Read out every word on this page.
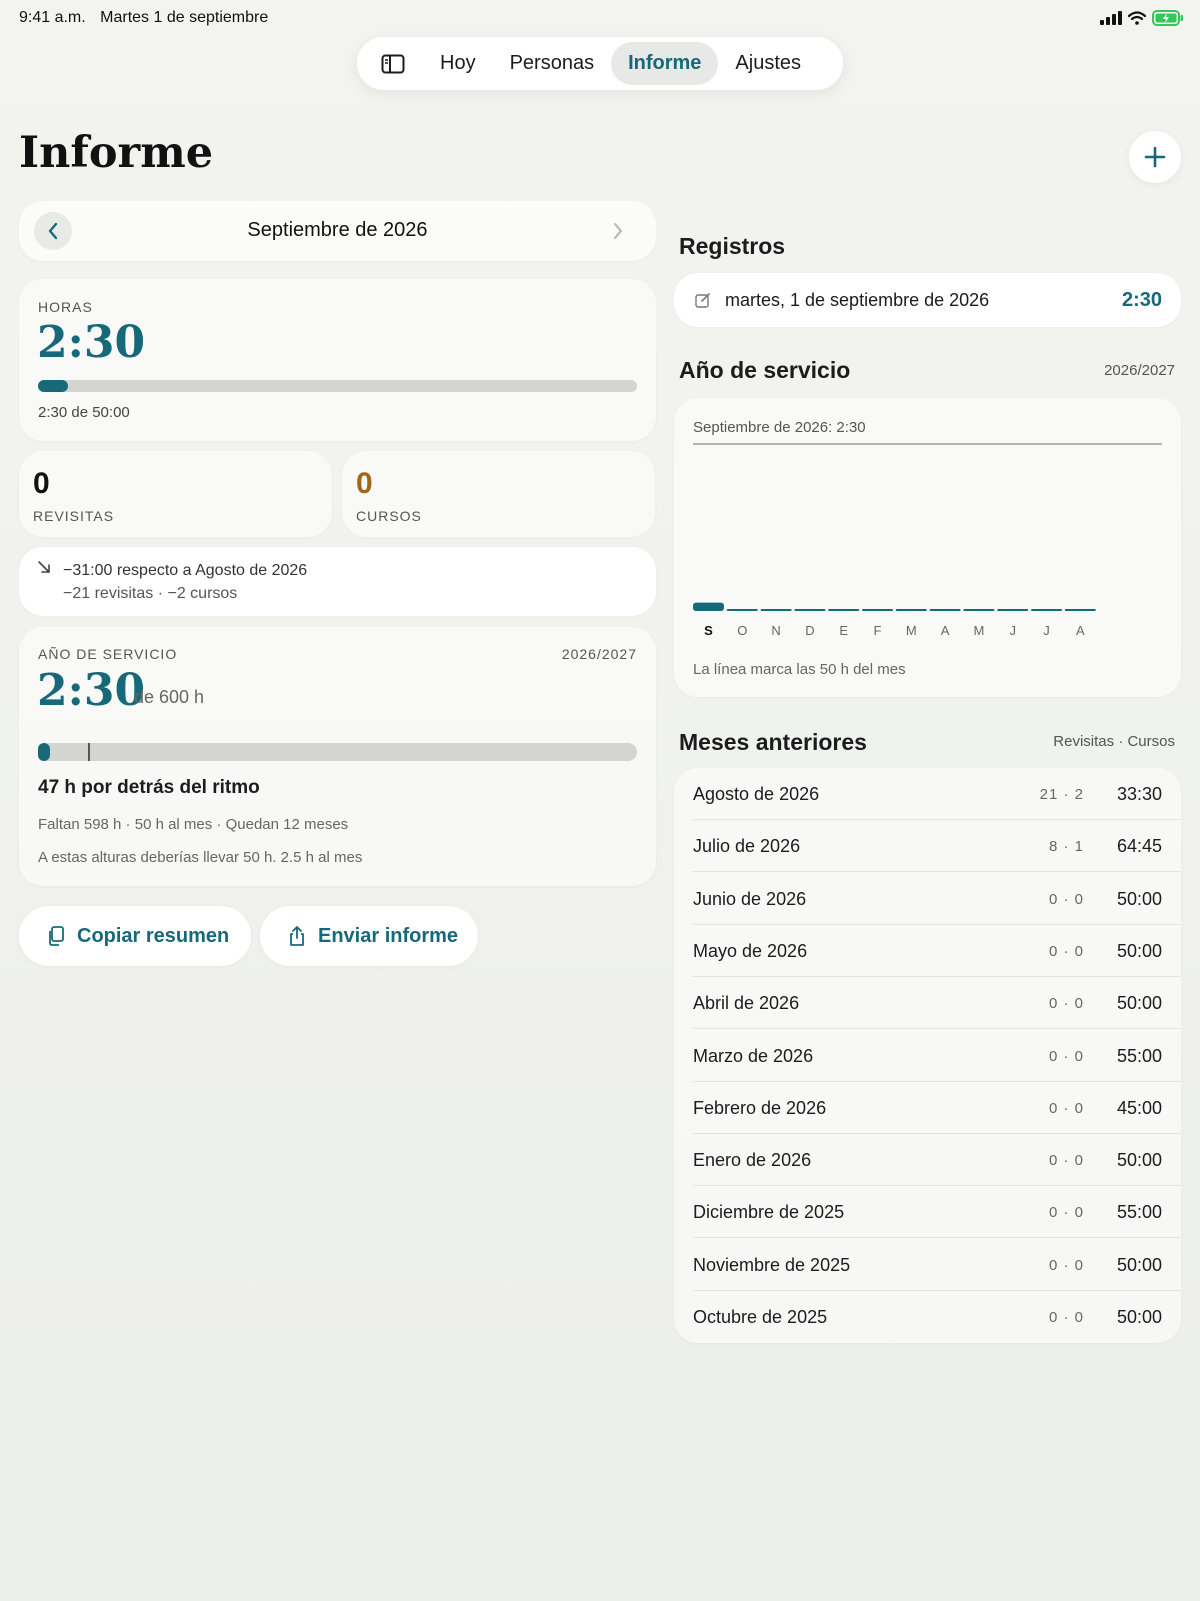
9:41 a.m. Martes 1 de septiembre
Hoy	Personas	Informe	Ajustes
Informe
Septiembre de 2026
HORAS
2:30
2:30 de 50:00
0
REVISITAS
0
CURSOS
−31:00 respecto a Agosto de 2026
−21 revisitas · −2 cursos
AÑO DE SERVICIO	2026/2027
2:30
de 600 h
47 h por detrás del ritmo
Faltan 598 h · 50 h al mes · Quedan 12 meses
A estas alturas deberías llevar 50 h. 2.5 h al mes
Copiar resumen	Enviar informe
Registros
martes, 1 de septiembre de 2026	2:30
Año de servicio	2026/2027
Septiembre de 2026: 2:30
S O N D E F M A M J J A
La línea marca las 50 h del mes
Meses anteriores	Revisitas · Cursos
Agosto de 2026	21 · 2 33:30
Julio de 2026	8 · 1 64:45
Junio de 2026	0 · 0 50:00
Mayo de 2026	0 · 0 50:00
Abril de 2026	0 · 0 50:00
Marzo de 2026	0 · 0 55:00
Febrero de 2026	0 · 0 45:00
Enero de 2026	0 · 0 50:00
Diciembre de 2025	0 · 0 55:00
Noviembre de 2025	0 · 0 50:00
Octubre de 2025	0 · 0 50:00
